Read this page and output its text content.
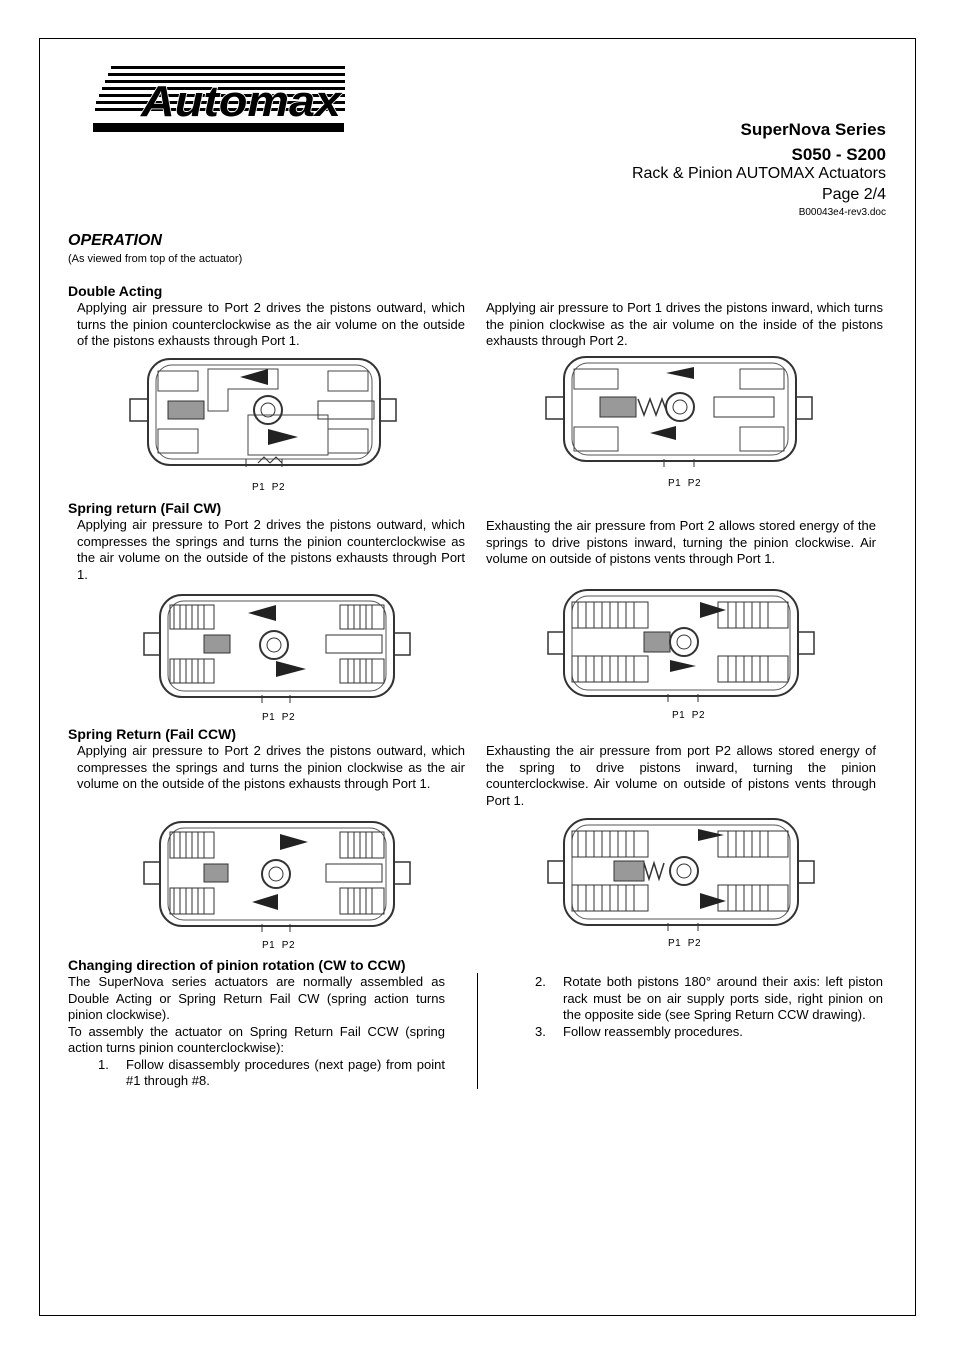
Automax
SuperNova Series
S050 - S200
Rack & Pinion AUTOMAX Actuators
Page 2/4
B00043e4-rev3.doc
OPERATION
(As viewed from top of the actuator)
Double Acting
Applying air pressure to Port 2 drives the pistons outward, which turns the pinion counterclockwise as the air volume on the outside of the pistons exhausts through Port 1.
Applying air pressure to Port 1 drives the pistons inward, which turns the pinion clockwise as the air volume on the inside of the pistons exhausts through Port 2.
P1  P2	P1  P2
Spring return (Fail CW)
Applying air pressure to Port 2 drives the pistons outward, which compresses the springs and turns the pinion counterclockwise as the air volume on the outside of the pistons exhausts through Port 1.
Exhausting the air pressure from Port 2 allows stored energy of the springs to drive pistons inward, turning the pinion clockwise. Air volume on outside of pistons vents through Port 1.
P1  P2	P1  P2
Spring Return (Fail CCW)
Applying air pressure to Port 2 drives the pistons outward, which compresses the springs and turns the pinion clockwise as the air volume on the outside of the pistons exhausts through Port 1.
Exhausting the air pressure from port P2 allows stored energy of the spring to drive pistons inward, turning the pinion counterclockwise. Air volume on outside of pistons vents through Port 1.
P1  P2	P1  P2
Changing direction of pinion rotation (CW to CCW)
The SuperNova series actuators are normally assembled as Double Acting or Spring Return Fail CW (spring action turns pinion clockwise).
To assembly the actuator on Spring Return Fail CCW (spring action turns pinion counterclockwise):
1. Follow disassembly procedures (next page) from point #1 through #8.
2. Rotate both pistons 180° around their axis: left piston rack must be on air supply ports side, right pinion on the opposite side (see Spring Return CCW drawing).
3. Follow reassembly procedures.
